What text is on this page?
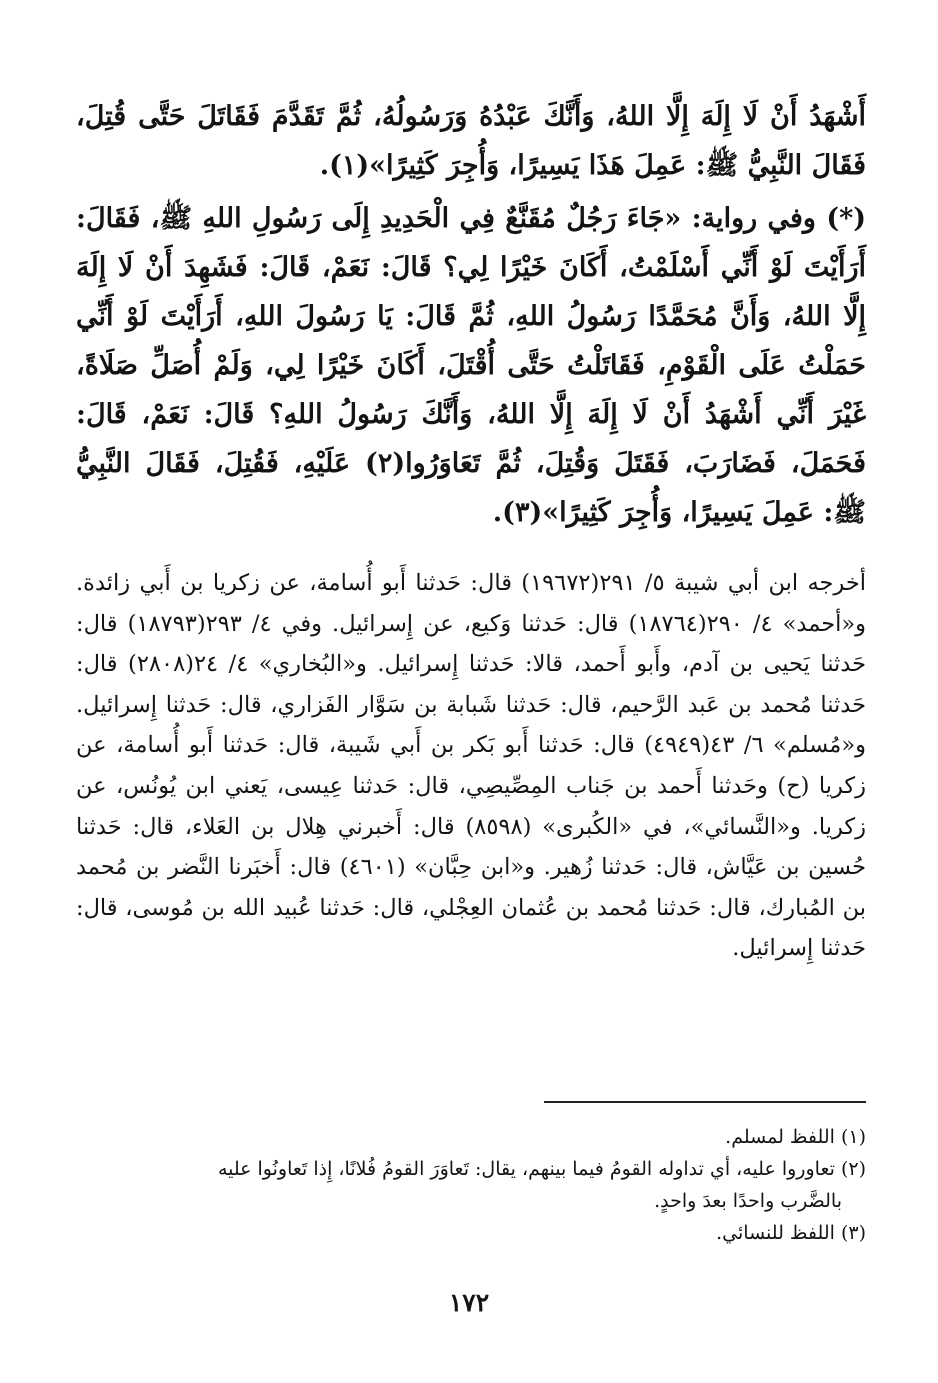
أَشْهَدُ أَنْ لَا إِلَهَ إِلَّا اللهُ، وَأَنَّكَ عَبْدُهُ وَرَسُولُهُ، ثُمَّ تَقَدَّمَ فَقَاتَلَ حَتَّى قُتِلَ، فَقَالَ النَّبِيُّ ﷺ: عَمِلَ هَذَا يَسِيرًا، وَأُجِرَ كَثِيرًا»(١).

(*) وفي رواية: «جَاءَ رَجُلٌ مُقَنَّعٌ فِي الْحَدِيدِ إِلَى رَسُولِ اللهِ ﷺ، فَقَالَ: أَرَأَيْتَ لَوْ أَنِّي أَسْلَمْتُ، أَكَانَ خَيْرًا لِي؟ قَالَ: نَعَمْ، قَالَ: فَشَهِدَ أَنْ لَا إِلَهَ إِلَّا اللهُ، وَأَنَّ مُحَمَّدًا رَسُولُ اللهِ، ثُمَّ قَالَ: يَا رَسُولَ اللهِ، أَرَأَيْتَ لَوْ أَنِّي حَمَلْتُ عَلَى الْقَوْمِ، فَقَاتَلْتُ حَتَّى أُقْتَلَ، أَكَانَ خَيْرًا لِي، وَلَمْ أُصَلِّ صَلَاةً، غَيْرَ أَنِّي أَشْهَدُ أَنْ لَا إِلَهَ إِلَّا اللهُ، وَأَنَّكَ رَسُولُ اللهِ؟ قَالَ: نَعَمْ، قَالَ: فَحَمَلَ، فَضَارَبَ، فَقَتَلَ وَقُتِلَ، ثُمَّ تَعَاوَرُوا(٢) عَلَيْهِ، فَقُتِلَ، فَقَالَ النَّبِيُّ ﷺ: عَمِلَ يَسِيرًا، وَأُجِرَ كَثِيرًا»(٣).

أخرجه ابن أبي شيبة ٥/ ٢٩١(١٩٦٧٢) قال: حَدثنا أَبو أُسامة، عن زكريا بن أَبي زائدة. و«أحمد» ٤/ ٢٩٠(١٨٧٦٤) قال: حَدثنا وَكيع، عن إِسرائيل. وفي ٤/ ٢٩٣(١٨٧٩٣) قال: حَدثنا يَحيى بن آدم، وأَبو أَحمد، قالا: حَدثنا إِسرائيل. و«البُخاري» ٤/ ٢٤(٢٨٠٨) قال: حَدثنا مُحمد بن عَبد الرَّحيم، قال: حَدثنا شَبابة بن سَوَّار الفَزاري، قال: حَدثنا إِسرائيل. و«مُسلم» ٦/ ٤٣(٤٩٤٩) قال: حَدثنا أَبو بَكر بن أَبي شَيبة، قال: حَدثنا أَبو أُسامة، عن زكريا (ح) وحَدثنا أَحمد بن جَناب المِصِّيصِي، قال: حَدثنا عِيسى، يَعني ابن يُونُس، عن زكريا. و«النَّسائي»، في «الكُبرى» (٨٥٩٨) قال: أَخبرني هِلال بن العَلاء، قال: حَدثنا حُسين بن عَيَّاش، قال: حَدثنا زُهير. و«ابن حِبَّان» (٤٦٠١) قال: أَخبَرنا النَّضر بن مُحمد بن المُبارك، قال: حَدثنا مُحمد بن عُثمان العِجْلي، قال: حَدثنا عُبيد الله بن مُوسى، قال: حَدثنا إِسرائيل.

(١) اللفظ لمسلم.
(٢) تعاوروا عليه، أي تداوله القومُ فيما بينهم، يقال: تَعاوَرَ القومُ فُلانًا، إِذا تَعاونُوا عليه
بالضَّرب واحدًا بعدَ واحدٍ.
(٣) اللفظ للنسائي.
١٧٢
